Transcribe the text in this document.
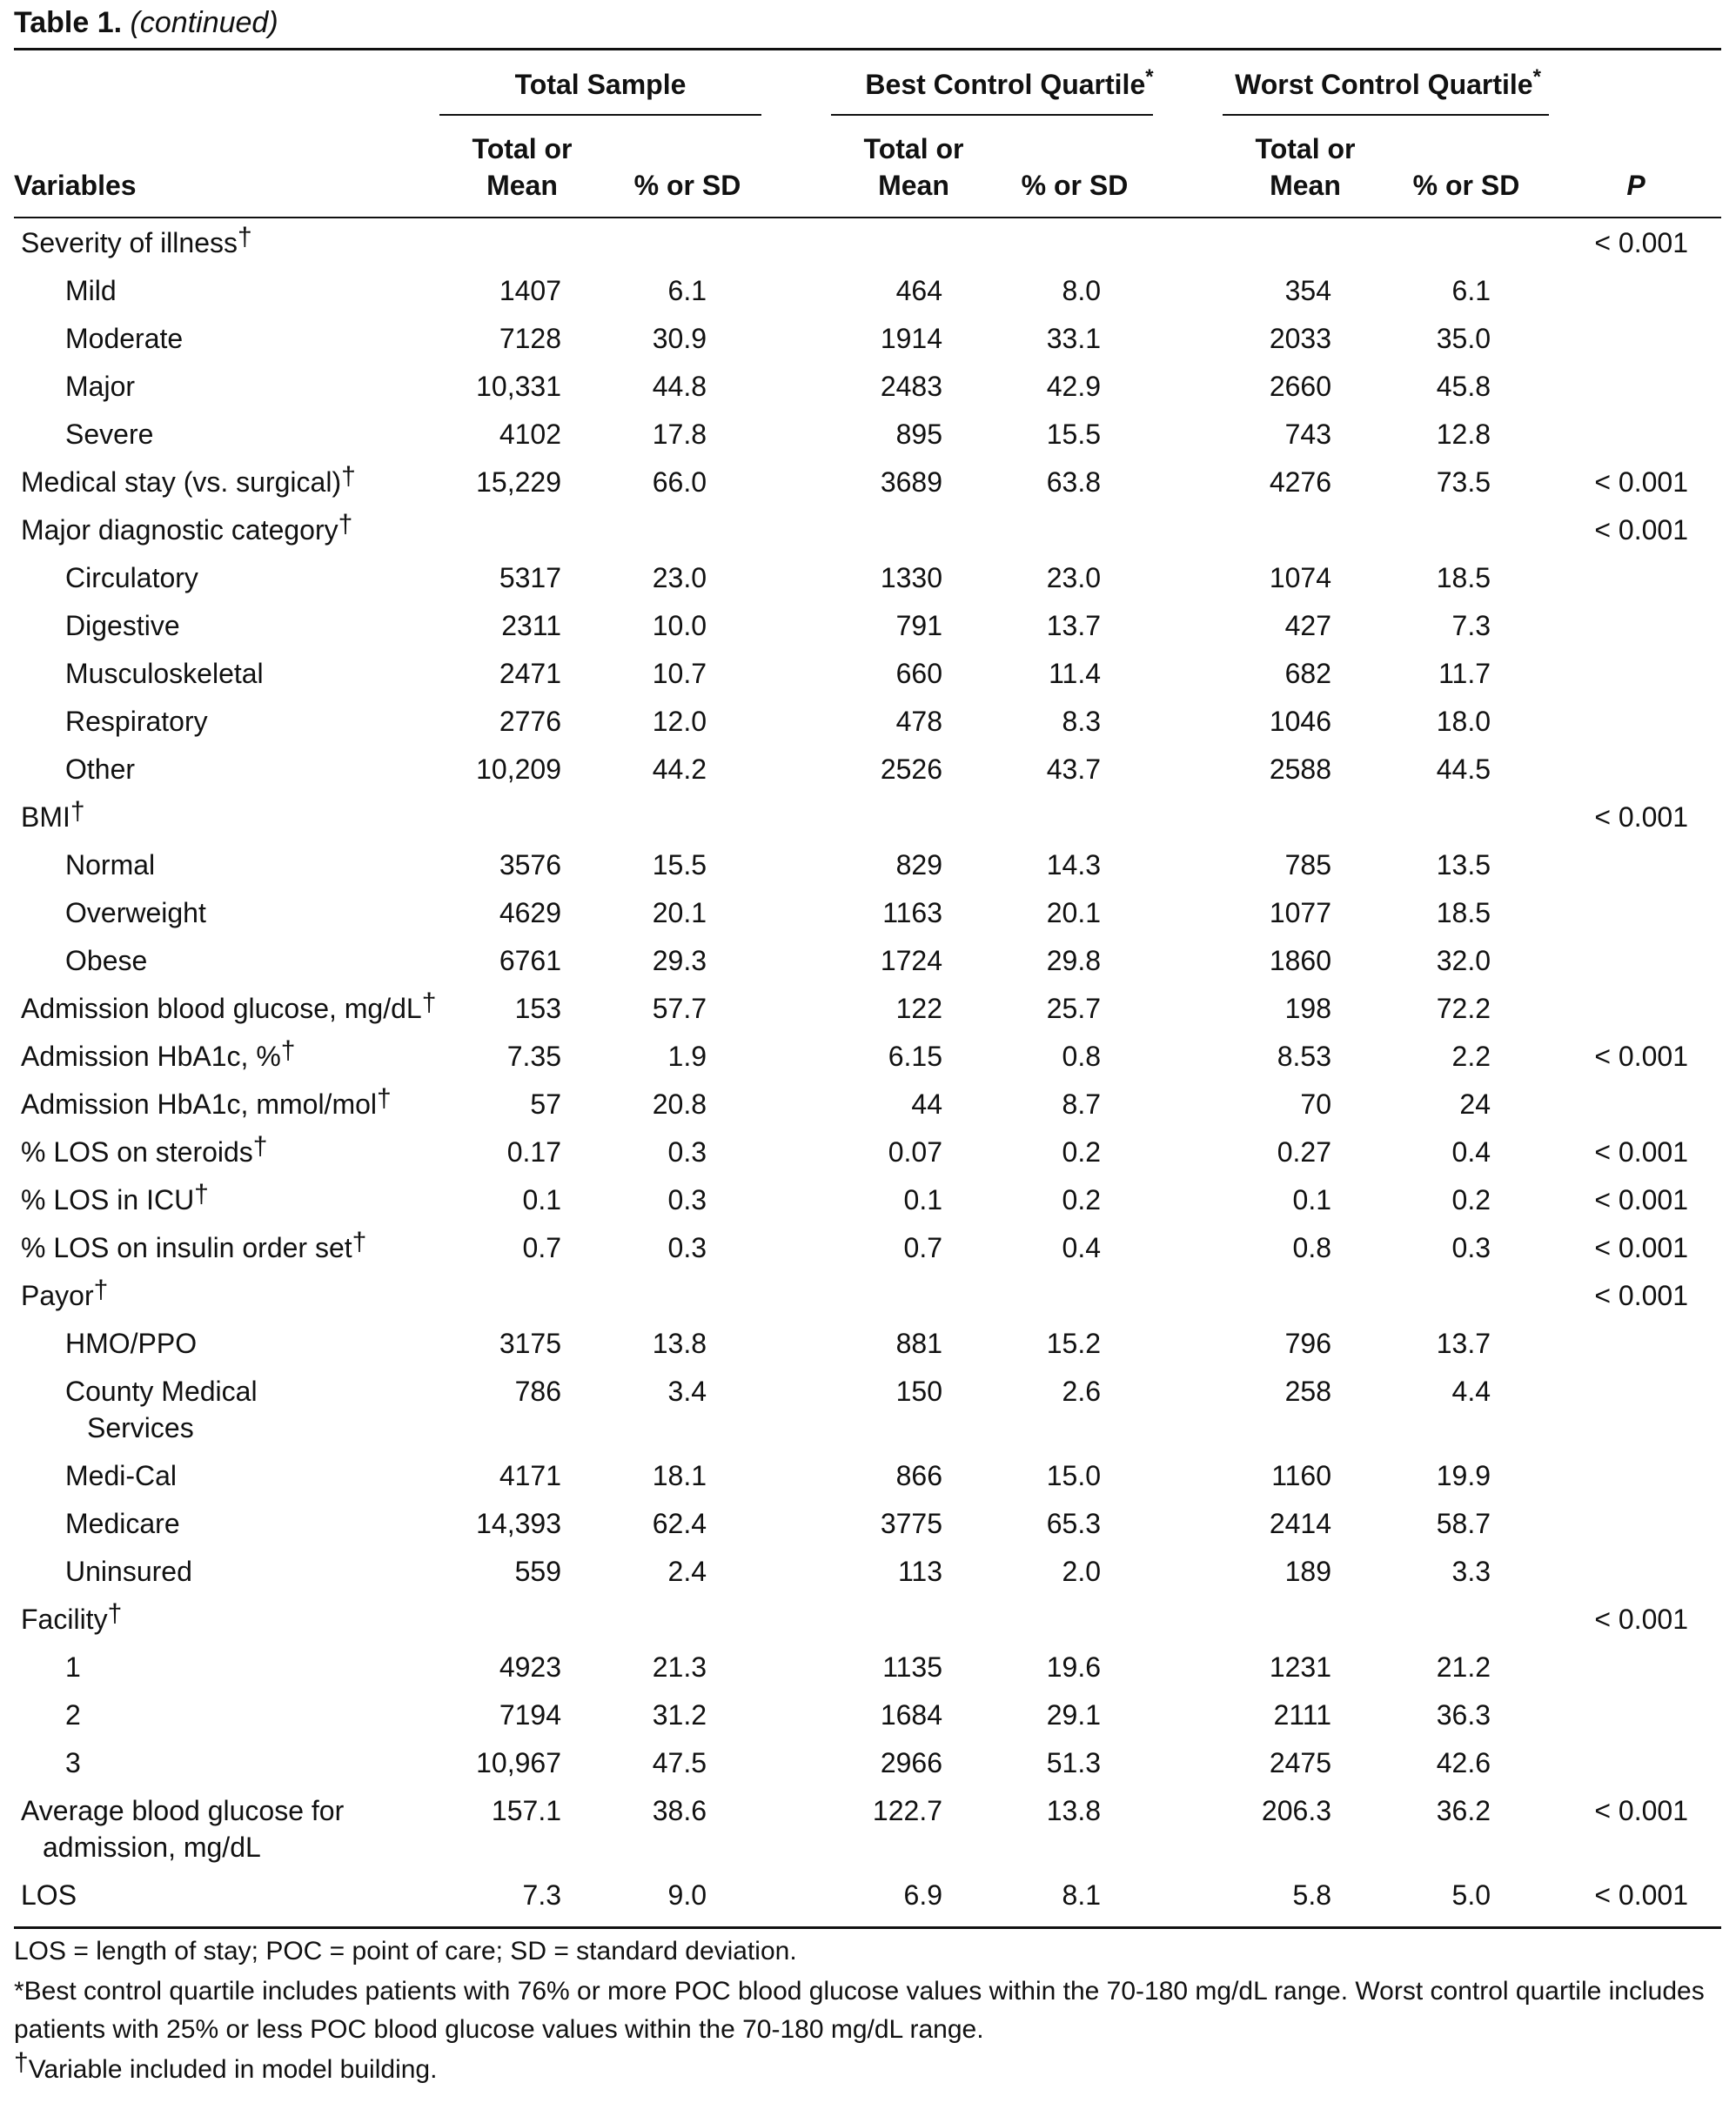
Table 1. (continued)
Total Sample	Best Control Quartile*	Worst Control Quartile*
Variables
Total or
Mean	% or SD
Total or
Mean	% or SD
Total or
Mean	% or SD	P
Severity of illness†	< 0.001
Mild	1407	6.1	464	8.0	354	6.1
Moderate	7128	30.9	1914	33.1	2033	35.0
Major	10,331	44.8	2483	42.9	2660	45.8
Severe	4102	17.8	895	15.5	743	12.8
Medical stay (vs. surgical)†	15,229	66.0	3689	63.8	4276	73.5	< 0.001
Major diagnostic category†	< 0.001
Circulatory	5317	23.0	1330	23.0	1074	18.5
Digestive	2311	10.0	791	13.7	427	7.3
Musculoskeletal	2471	10.7	660	11.4	682	11.7
Respiratory	2776	12.0	478	8.3	1046	18.0
Other	10,209	44.2	2526	43.7	2588	44.5
BMI†	< 0.001
Normal	3576	15.5	829	14.3	785	13.5
Overweight	4629	20.1	1163	20.1	1077	18.5
Obese	6761	29.3	1724	29.8	1860	32.0
Admission blood glucose, mg/dL†	153	57.7	122	25.7	198	72.2
Admission HbA1c, %†	7.35	1.9	6.15	0.8	8.53	2.2	< 0.001
Admission HbA1c, mmol/mol†	57	20.8	44	8.7	70	24
% LOS on steroids†	0.17	0.3	0.07	0.2	0.27	0.4	< 0.001
% LOS in ICU†	0.1	0.3	0.1	0.2	0.1	0.2	< 0.001
% LOS on insulin order set†	0.7	0.3	0.7	0.4	0.8	0.3	< 0.001
Payor†	< 0.001
HMO/PPO	3175	13.8	881	15.2	796	13.7
County Medical
Services
786	3.4	150	2.6	258	4.4
Medi-Cal	4171	18.1	866	15.0	1160	19.9
Medicare	14,393	62.4	3775	65.3	2414	58.7
Uninsured	559	2.4	113	2.0	189	3.3
Facility†	< 0.001
1	4923	21.3	1135	19.6	1231	21.2
2	7194	31.2	1684	29.1	2111	36.3
3	10,967	47.5	2966	51.3	2475	42.6
Average blood glucose for
admission, mg/dL
157.1	38.6	122.7	13.8	206.3	36.2	< 0.001
LOS	7.3	9.0	6.9	8.1	5.8	5.0	< 0.001
LOS = length of stay; POC = point of care; SD = standard deviation.
*Best control quartile includes patients with 76% or more POC blood glucose values within the 70-180 mg/dL range. Worst control quartile includes patients with 25% or less POC blood glucose values within the 70-180 mg/dL range.
†Variable included in model building.
